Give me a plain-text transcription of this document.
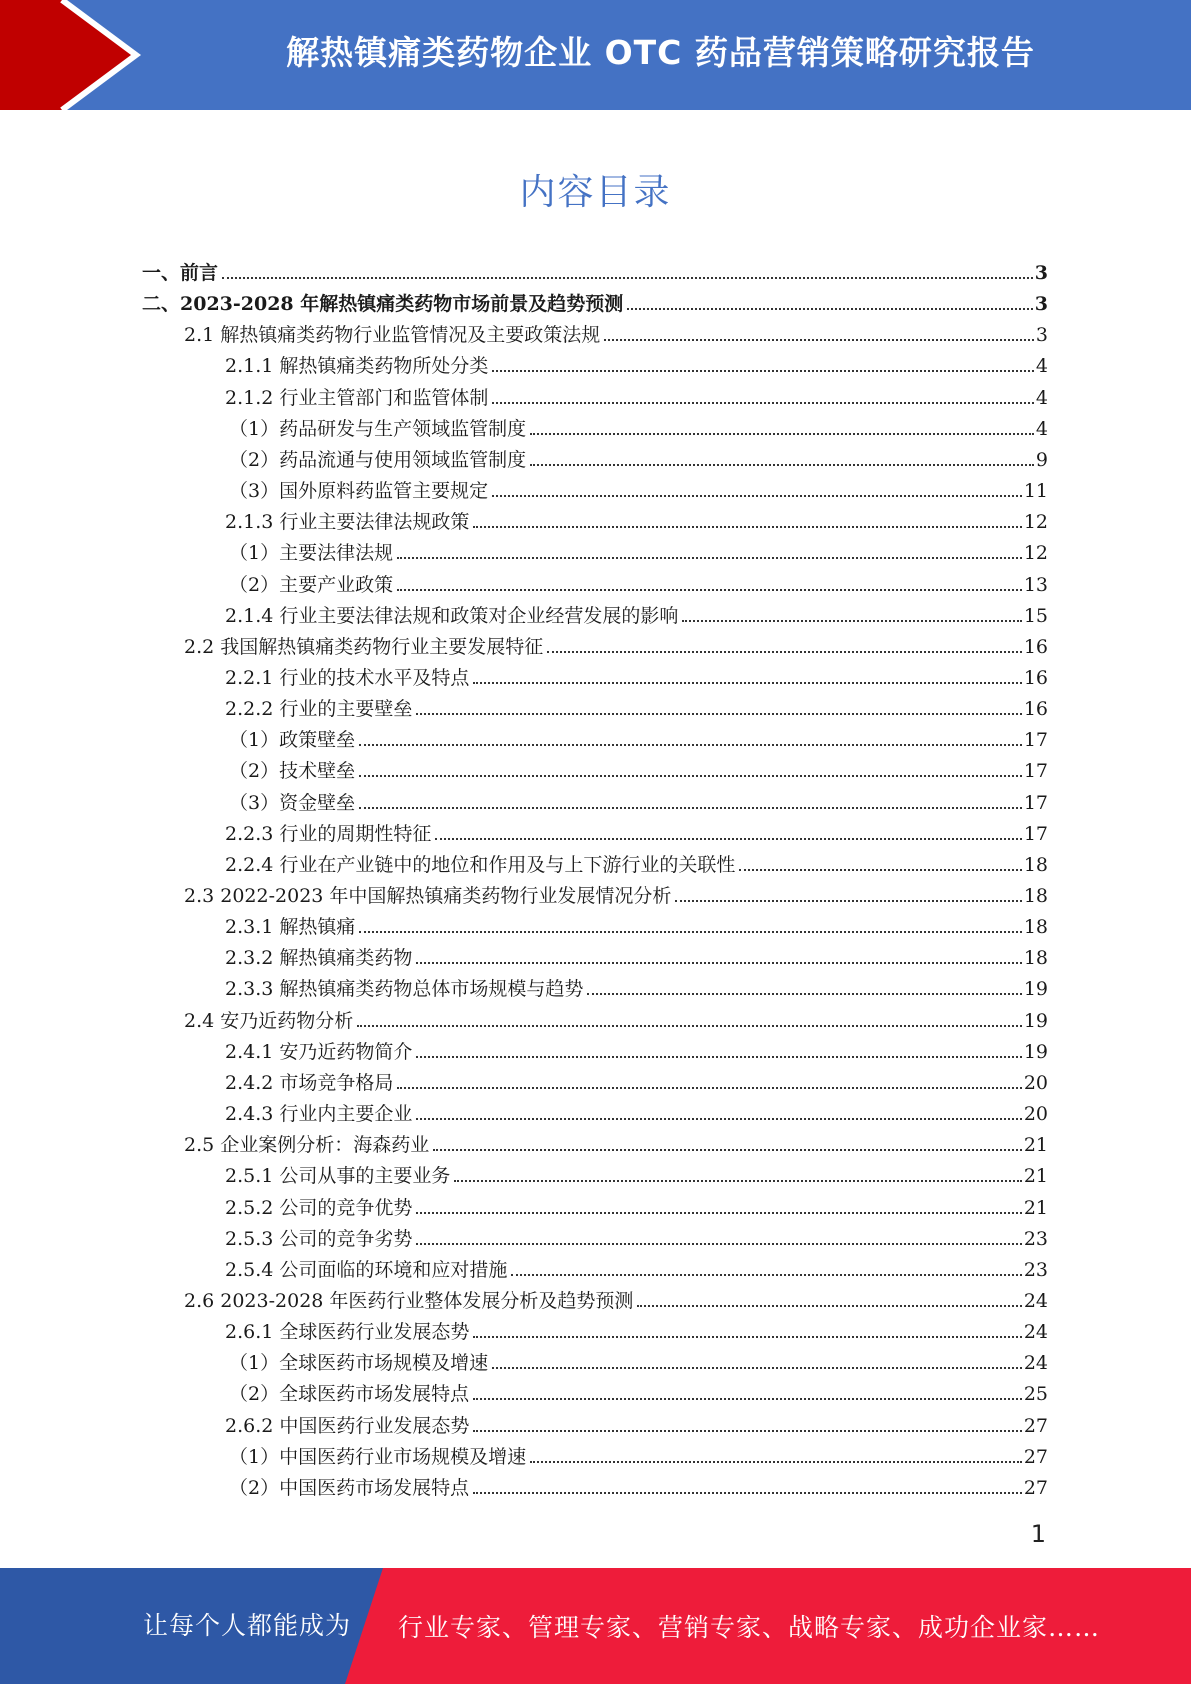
解热镇痛类药物企业 OTC 药品营销策略研究报告
内容目录
一、前言	3
二、2023-2028 年解热镇痛类药物市场前景及趋势预测	3
2.1 解热镇痛类药物行业监管情况及主要政策法规	3
2.1.1 解热镇痛类药物所处分类	4
2.1.2 行业主管部门和监管体制	4
（1）药品研发与生产领域监管制度	4
（2）药品流通与使用领域监管制度	9
（3）国外原料药监管主要规定	11
2.1.3 行业主要法律法规政策	12
（1）主要法律法规	12
（2）主要产业政策	13
2.1.4 行业主要法律法规和政策对企业经营发展的影响	15
2.2 我国解热镇痛类药物行业主要发展特征	16
2.2.1 行业的技术水平及特点	16
2.2.2 行业的主要壁垒	16
（1）政策壁垒	17
（2）技术壁垒	17
（3）资金壁垒	17
2.2.3 行业的周期性特征	17
2.2.4 行业在产业链中的地位和作用及与上下游行业的关联性	18
2.3 2022-2023 年中国解热镇痛类药物行业发展情况分析	18
2.3.1 解热镇痛	18
2.3.2 解热镇痛类药物	18
2.3.3 解热镇痛类药物总体市场规模与趋势	19
2.4 安乃近药物分析	19
2.4.1 安乃近药物简介	19
2.4.2 市场竞争格局	20
2.4.3 行业内主要企业	20
2.5 企业案例分析：海森药业	21
2.5.1 公司从事的主要业务	21
2.5.2 公司的竞争优势	21
2.5.3 公司的竞争劣势	23
2.5.4 公司面临的环境和应对措施	23
2.6 2023-2028 年医药行业整体发展分析及趋势预测	24
2.6.1 全球医药行业发展态势	24
（1）全球医药市场规模及增速	24
（2）全球医药市场发展特点	25
2.6.2 中国医药行业发展态势	27
（1）中国医药行业市场规模及增速	27
（2）中国医药市场发展特点	27
1
让每个人都能成为 行业专家、管理专家、营销专家、战略专家、成功企业家……
